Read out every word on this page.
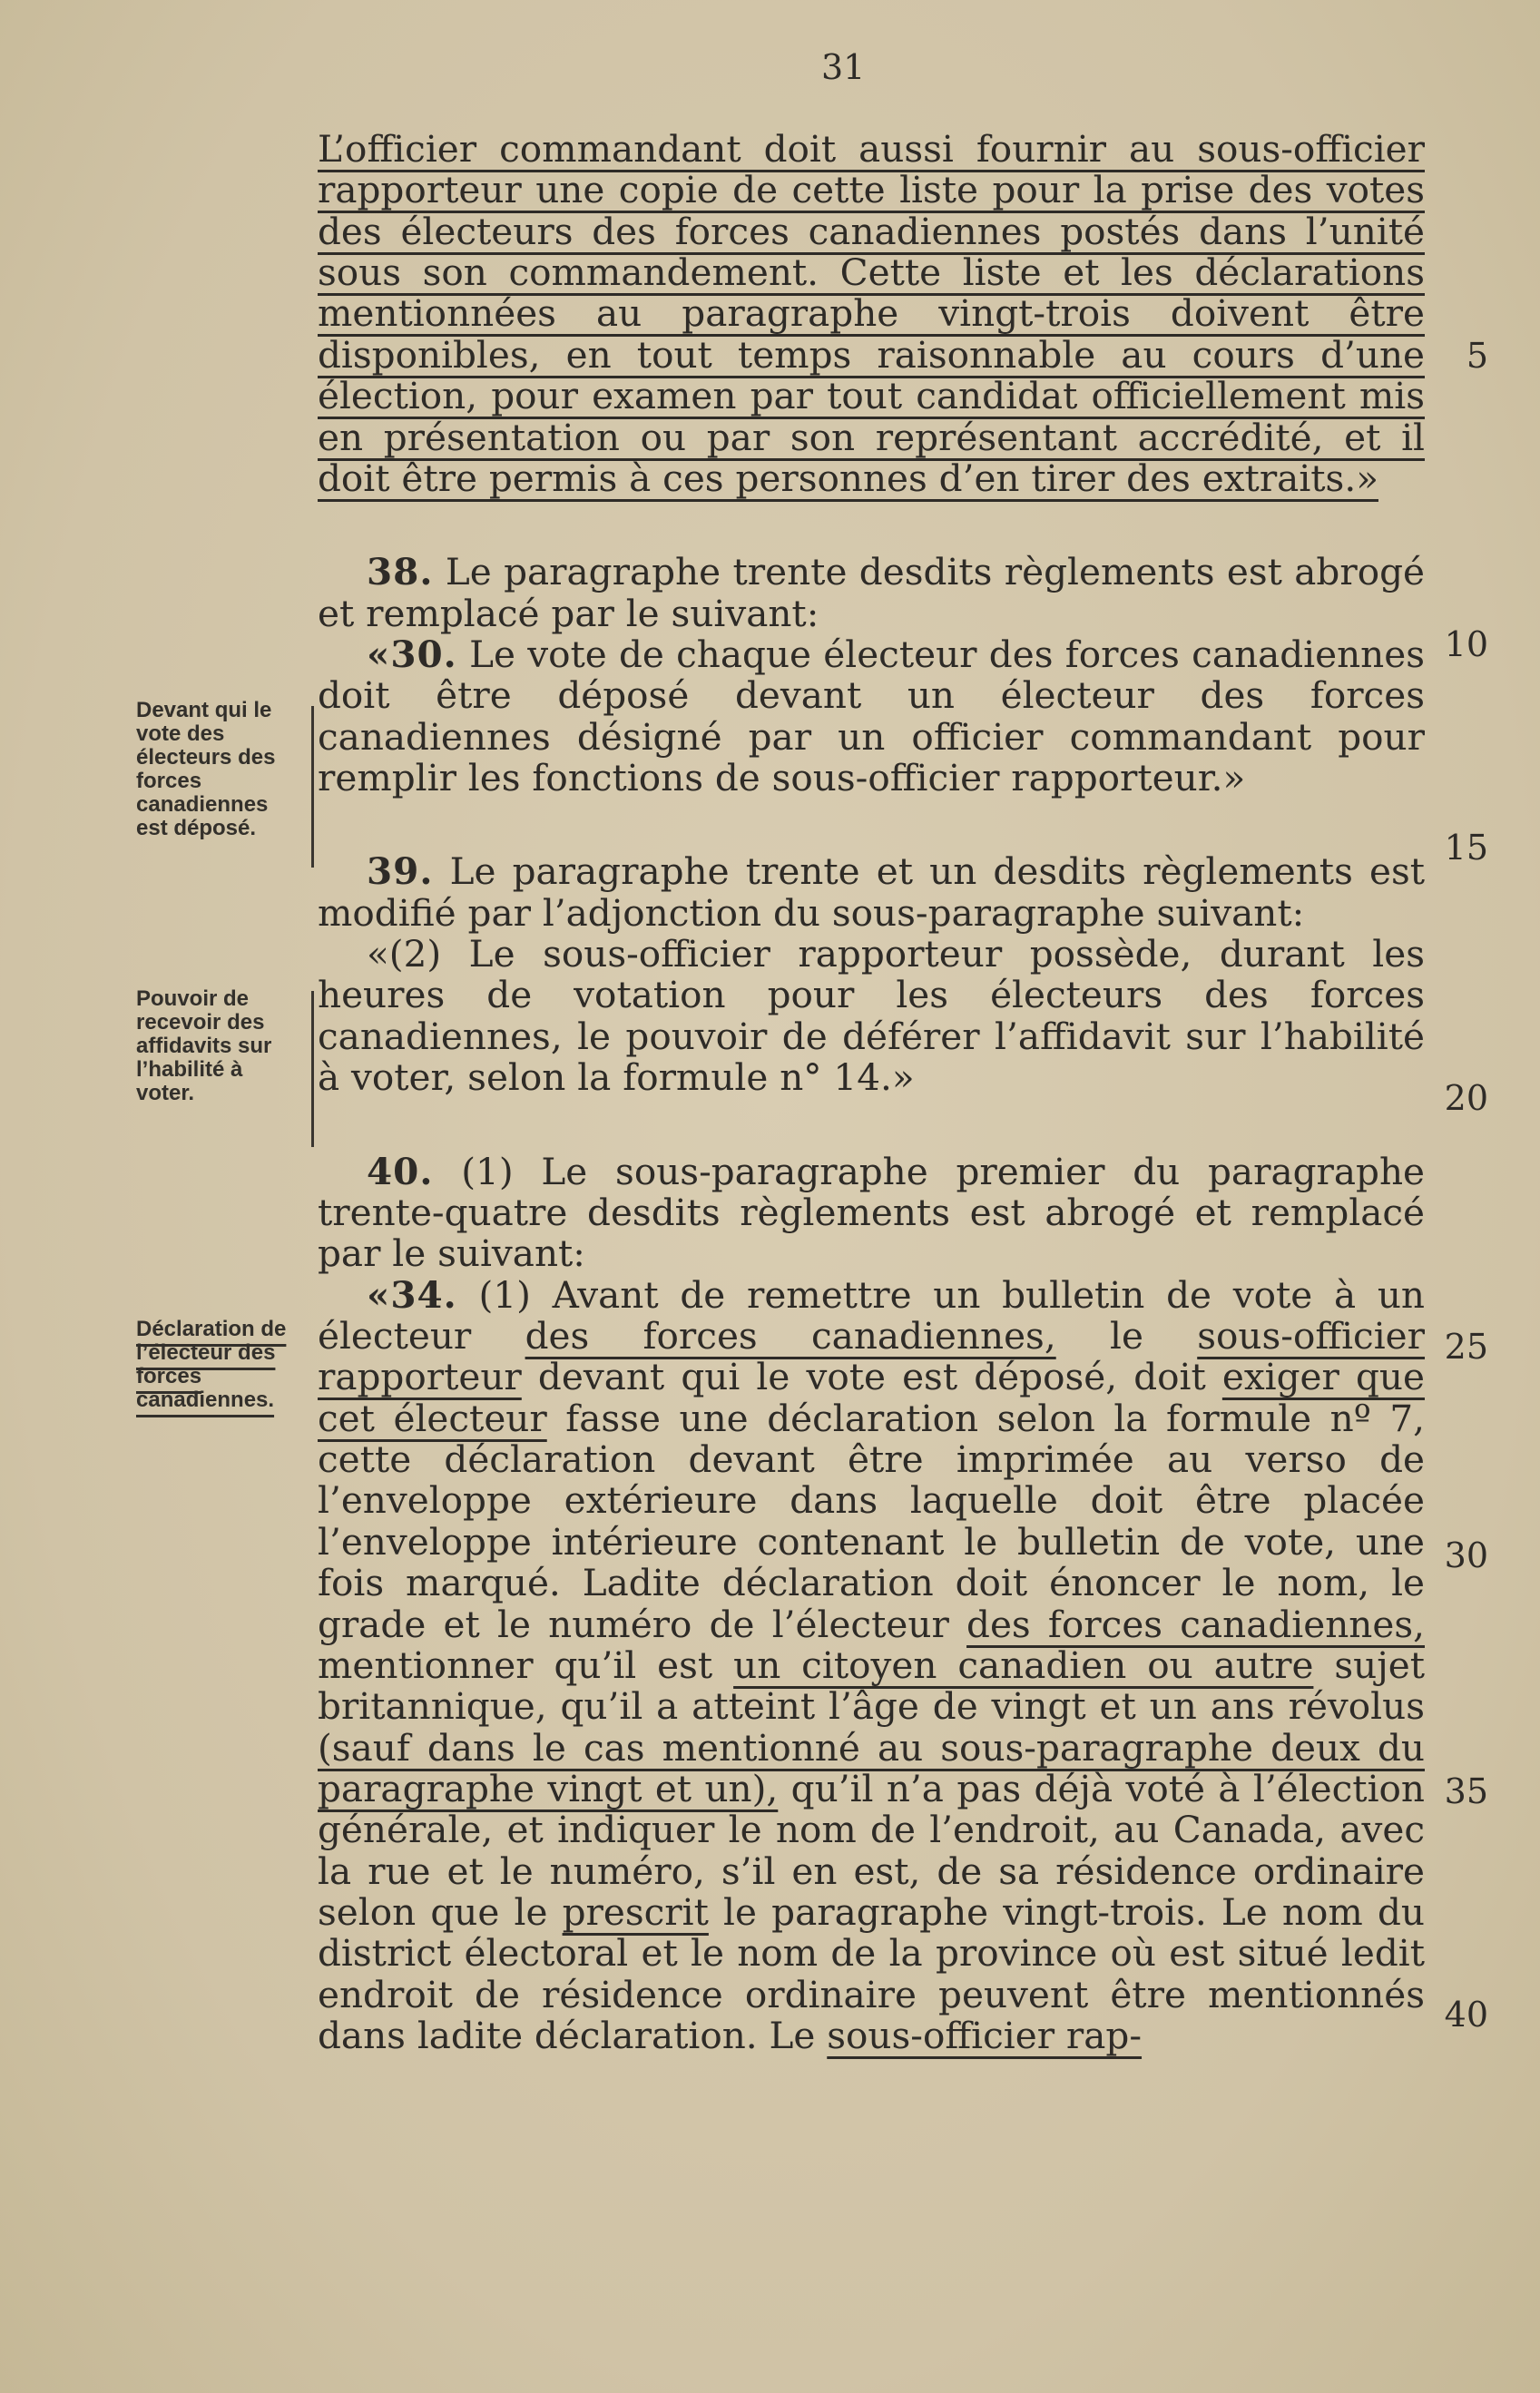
31

L’officier commandant doit aussi fournir au sous-officier rapporteur une copie de cette liste pour la prise des votes des électeurs des forces canadiennes postés dans l’unité sous son commandement. Cette liste et les déclarations mentionnées au paragraphe vingt-trois doivent être disponibles, en tout temps raisonnable au cours d’une élection, pour examen par tout candidat officiellement mis en présentation ou par son représentant accrédité, et il doit être permis à ces personnes d’en tirer des extraits.»

38. Le paragraphe trente desdits règlements est abrogé et remplacé par le suivant:

«30. Le vote de chaque électeur des forces canadiennes doit être déposé devant un électeur des forces canadiennes désigné par un officier commandant pour remplir les fonctions de sous-officier rapporteur.»

39. Le paragraphe trente et un desdits règlements est modifié par l’adjonction du sous-paragraphe suivant:

«(2) Le sous-officier rapporteur possède, durant les heures de votation pour les électeurs des forces canadiennes, le pouvoir de déférer l’affidavit sur l’habilité à voter, selon la formule n° 14.»

40. (1) Le sous-paragraphe premier du paragraphe trente-quatre desdits règlements est abrogé et remplacé par le suivant:

«34. (1) Avant de remettre un bulletin de vote à un électeur des forces canadiennes, le sous-officier rapporteur devant qui le vote est déposé, doit exiger que cet électeur fasse une déclaration selon la formule nº 7, cette déclaration devant être imprimée au verso de l’enveloppe extérieure dans laquelle doit être placée l’enveloppe intérieure contenant le bulletin de vote, une fois marqué. Ladite déclaration doit énoncer le nom, le grade et le numéro de l’électeur des forces canadiennes, mentionner qu’il est un citoyen canadien ou autre sujet britannique, qu’il a atteint l’âge de vingt et un ans révolus (sauf dans le cas mentionné au sous-paragraphe deux du paragraphe vingt et un), qu’il n’a pas déjà voté à l’élection générale, et indiquer le nom de l’endroit, au Canada, avec la rue et le numéro, s’il en est, de sa résidence ordinaire selon que le prescrit le paragraphe vingt-trois. Le nom du district électoral et le nom de la province où est situé ledit endroit de résidence ordinaire peuvent être mentionnés dans ladite déclaration. Le sous-officier rap-

Devant qui le vote des électeurs des forces canadiennes est déposé.
Pouvoir de recevoir des affidavits sur l’habilité à voter.
Déclaration de l’électeur des forces canadiennes.
5
10
15
20
25
30
35
40
